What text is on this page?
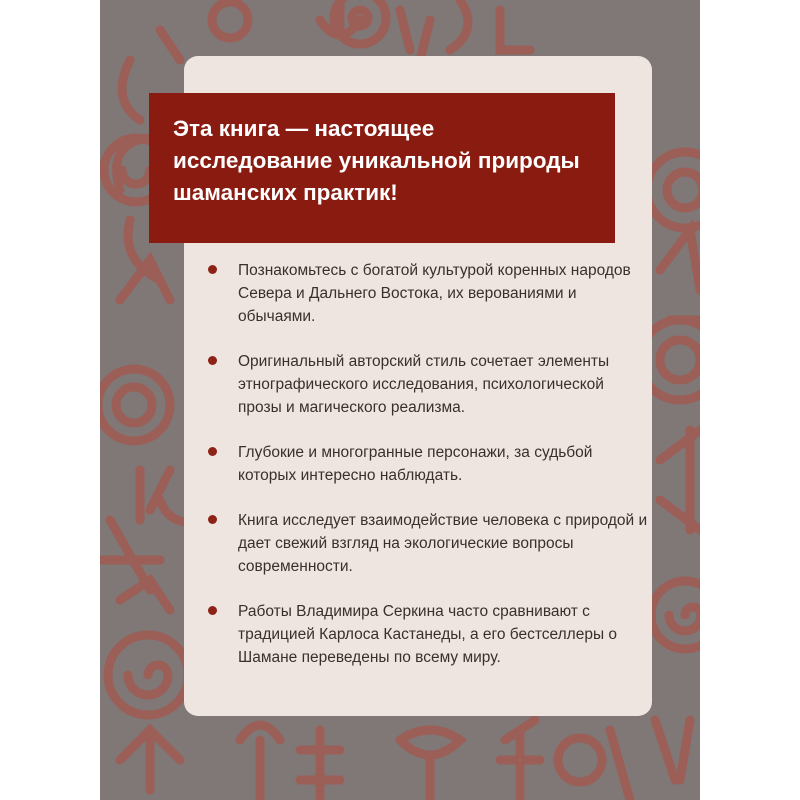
Эта книга — настоящее
исследование уникальной природы
шаманских практик!
Познакомьтесь с богатой культурой коренных народов Севера и Дальнего Востока, их верованиями и обычаями.
Оригинальный авторский стиль сочетает элементы этнографического исследования, психологической прозы и магического реализма.
Глубокие и многогранные персонажи, за судьбой которых интересно наблюдать.
Книга исследует взаимодействие человека с природой и дает свежий взгляд на экологические вопросы современности.
Работы Владимира Серкина часто сравнивают с традицией Карлоса Кастанеды, а его бестселлеры о Шамане переведены по всему миру.
